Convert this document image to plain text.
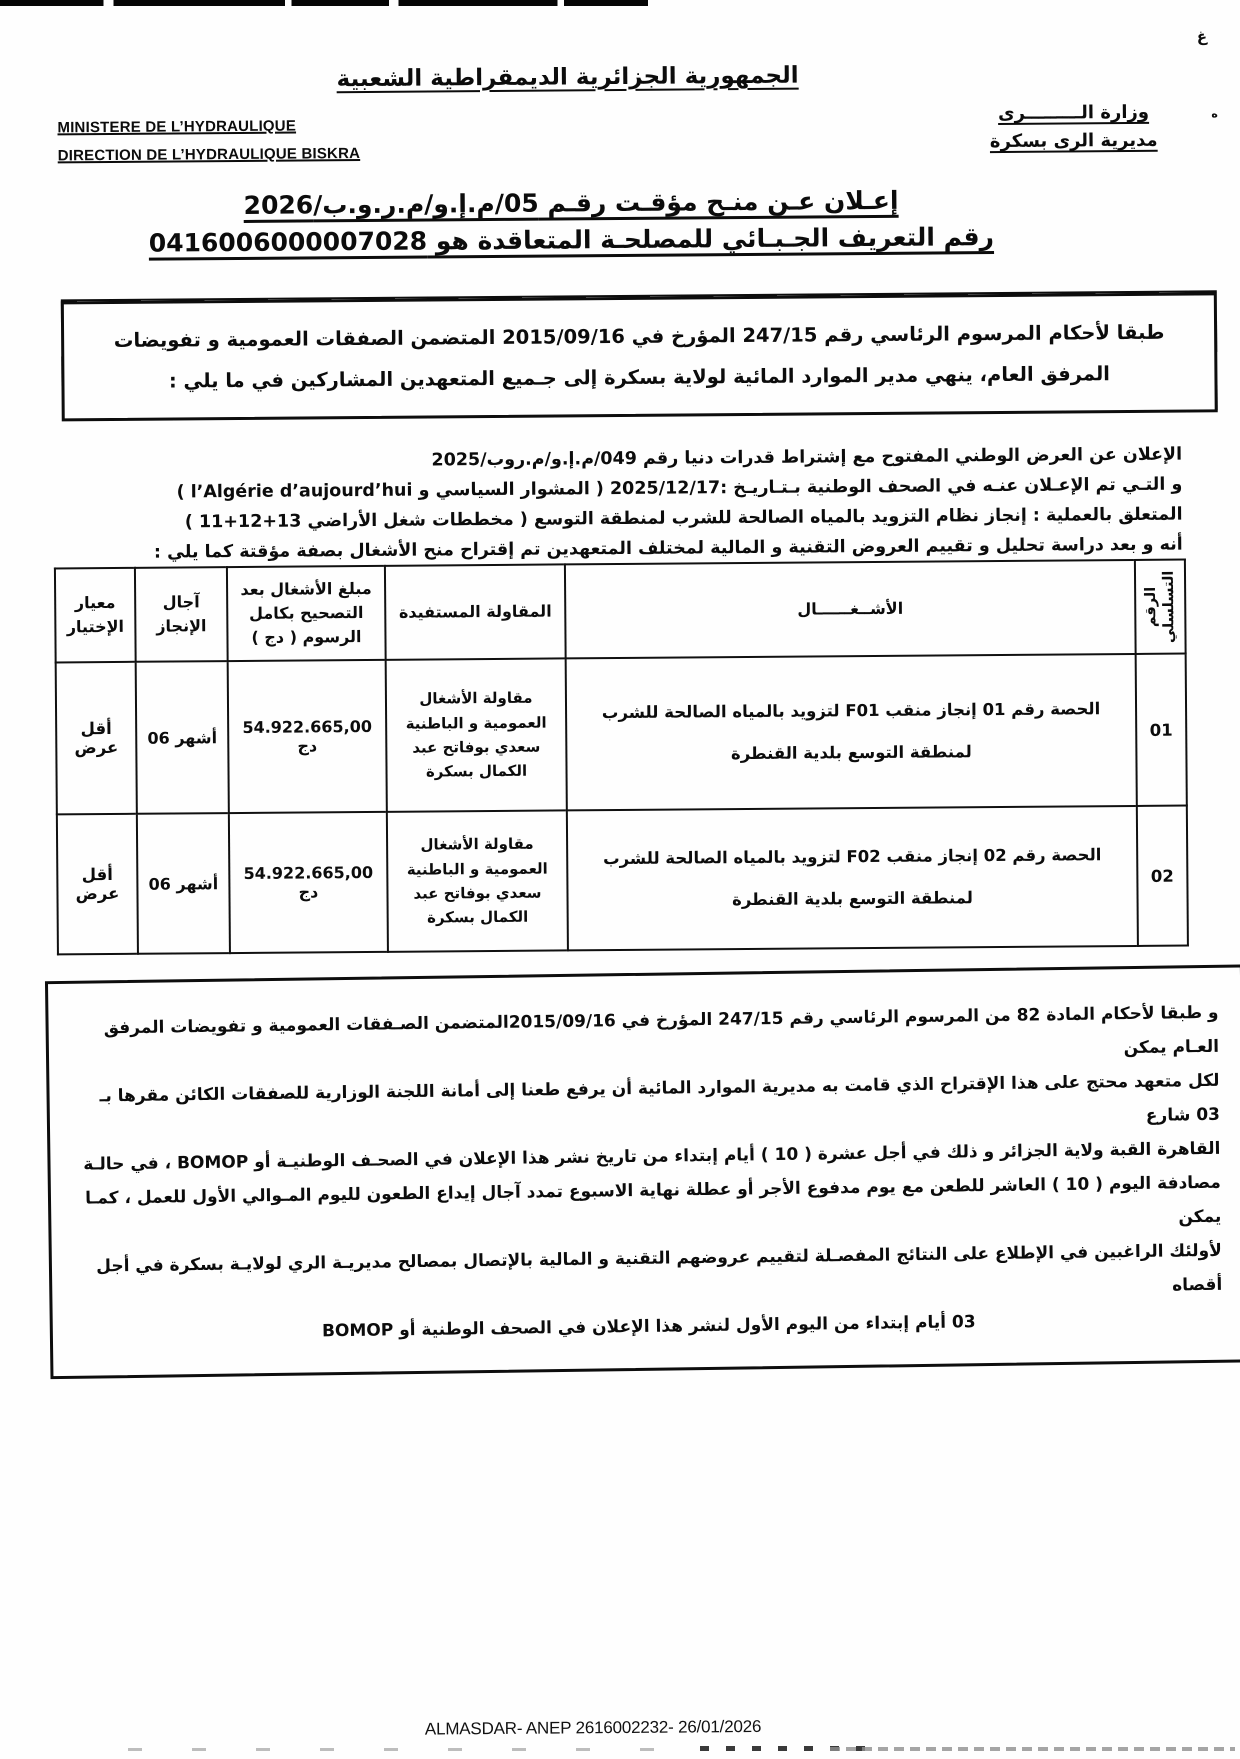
غ
ه
الجمهورية الجزائرية الديمقراطية الشعبية
MINISTERE DE L’HYDRAULIQUE
DIRECTION DE L’HYDRAULIQUE BISKRA
وزارة الـــــــــرى
مديرية الرى بسكرة
إعـلان عـن منـح مؤقـت رقـم 05/م.إ.و/م.ر.و.ب/2026
رقم التعريف الجـبـائي للمصلحـة المتعاقدة هو 0416006000007028
طبقا لأحكام المرسوم الرئاسي رقم 247/15 المؤرخ في 2015/09/16 المتضمن الصفقات العمومية و تفويضات المرفق العام، ينهي مدير الموارد المائية لولاية بسكرة إلى جـميع المتعهدين المشاركين في ما يلي :
الإعلان عن العرض الوطني المفتوح مع إشتراط قدرات دنيا رقم 049/م.إ.و/م.روب/2025
و التـي تم الإعـلان عنـه في الصحف الوطنية بـتـاريـخ :2025/12/17 ( المشوار السياسي و l’Algérie d’aujourd’hui )
المتعلق بالعملية : إنجاز نظام التزويد بالمياه الصالحة للشرب لمنطقة التوسع ( مخططات شغل الأراضي 13+12+11 )
أنه و بعد دراسة تحليل و تقييم العروض التقنية و المالية لمختلف المتعهدين تم إقتراح منح الأشغال بصفة مؤقتة كما يلي :
الرقم التسلسلي	الأشــغــــــال	المقاولة المستفيدة	مبلغ الأشغال بعد التصحيح بكامل الرسوم ( دج )	آجال الإنجاز	معيار الإختيار
01	الحصة رقم 01 إنجاز منقب F01 لتزويد بالمياه الصالحة للشرب لمنطقة التوسع بلدية القنطرة	مقاولة الأشغال العمومية و الباطنية سعدي بوفاتح عبد الكمال بسكرة	54.922.665,00 دج	06 أشهر	أقل عرض
02	الحصة رقم 02 إنجاز منقب F02 لتزويد بالمياه الصالحة للشرب لمنطقة التوسع بلدية القنطرة	مقاولة الأشغال العمومية و الباطنية سعدي بوفاتح عبد الكمال بسكرة	54.922.665,00 دج	06 أشهر	أقل عرض
و طبقا لأحكام المادة 82 من المرسوم الرئاسي رقم 247/15 المؤرخ في 2015/09/16المتضمن الصـفقات العمومية و تفويضات المرفق العـام يمكن
لكل متعهد محتج على هذا الإقتراح الذي قامت به مديرية الموارد المائية أن يرفع طعنا إلى أمانة اللجنة الوزارية للصفقات الكائن مقرها بـ 03 شارع
القاهرة القبة ولاية الجزائر و ذلك في أجل عشرة ( 10 ) أيام إبتداء من تاريخ نشر هذا الإعلان في الصحـف الوطنيـة أو BOMOP ، في حالـة
مصادفة اليوم ( 10 ) العاشر للطعن مع يوم مدفوع الأجر أو عطلة نهاية الاسبوع تمدد آجال إيداع الطعون لليوم المـوالي الأول للعمل ، كمـا يمكن
لأولئك الراغبين في الإطلاع على النتائج المفصـلة لتقييم عروضهم التقنية و المالية بالإتصال بمصالح مديريـة الري لولايـة بسكرة في أجل أقصاه
03 أيام إبتداء من اليوم الأول لنشر هذا الإعلان في الصحف الوطنية أو BOMOP
ALMASDAR- ANEP 2616002232- 26/01/2026
